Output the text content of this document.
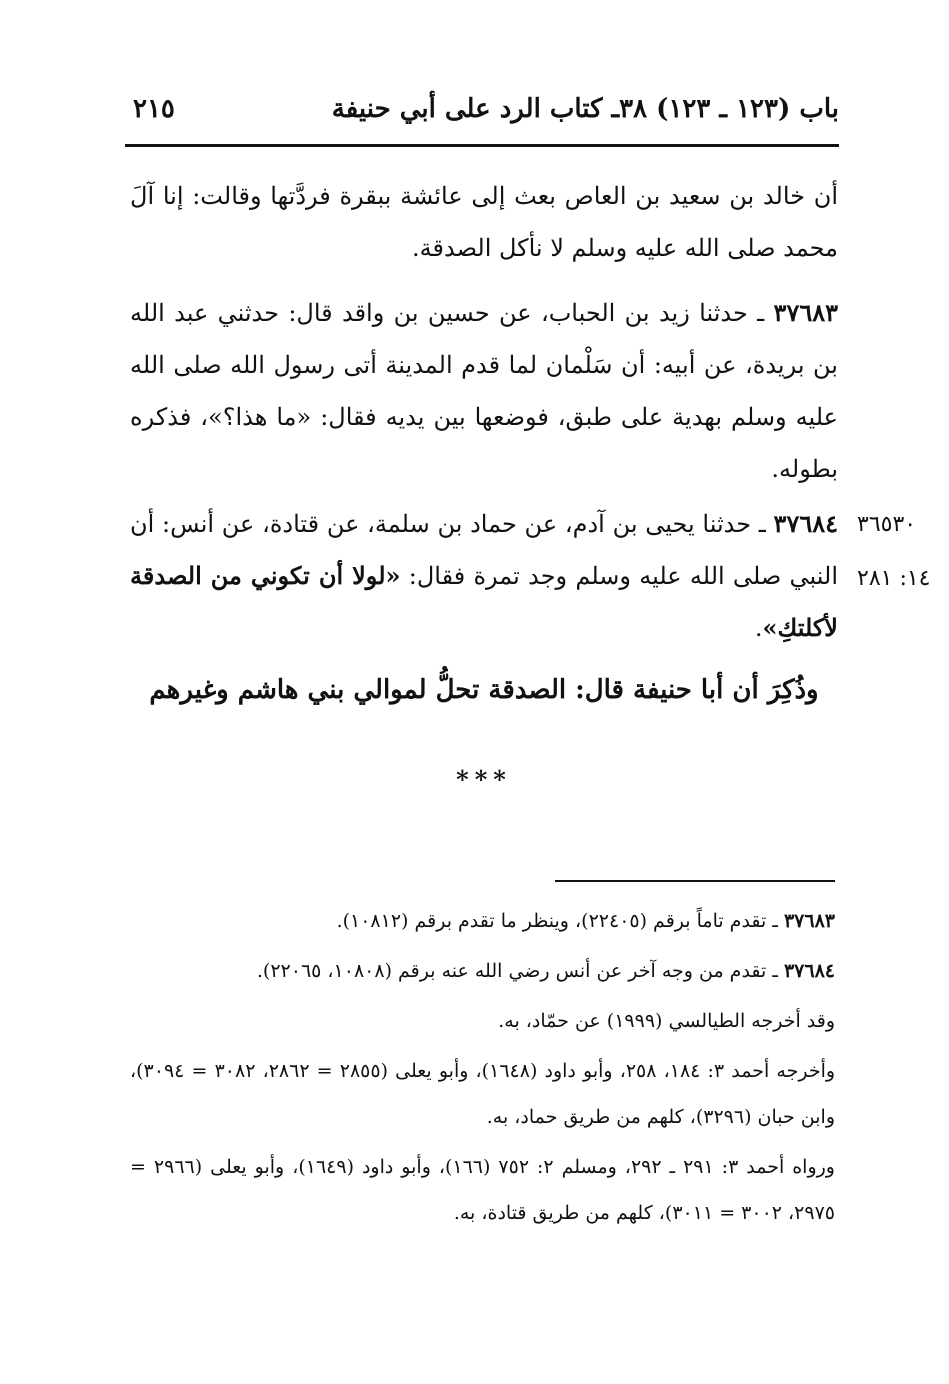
باب (١٢٣ ـ ١٢٣) ٣٨ـ كتاب الرد على أبي حنيفة
٢١٥

أن خالد بن سعيد بن العاص بعث إلى عائشة ببقرة فردَّتها وقالت: إنا آلَ محمد صلى الله عليه وسلم لا نأكل الصدقة.

٣٧٦٨٣ ـ حدثنا زيد بن الحباب، عن حسين بن واقد قال: حدثني عبد الله بن بريدة، عن أبيه: أن سَلْمان لما قدم المدينة أتى رسول الله صلى الله عليه وسلم بهدية على طبق، فوضعها بين يديه فقال: «ما هذا؟»، فذكره بطوله.

٣٧٦٨٤ ـ حدثنا يحيى بن آدم، عن حماد بن سلمة، عن قتادة، عن أنس: أن النبي صلى الله عليه وسلم وجد تمرة فقال: «لولا أن تكوني من الصدقة لأكلتكِ».

٣٦٥٣٠
١٤: ٢٨١
وذُكِرَ أن أبا حنيفة قال: الصدقة تحلُّ لموالي بني هاشم وغيرهم
***

٣٧٦٨٣ ـ تقدم تاماً برقم (٢٢٤٠٥)، وينظر ما تقدم برقم (١٠٨١٢).

٣٧٦٨٤ ـ تقدم من وجه آخر عن أنس رضي الله عنه برقم (١٠٨٠٨، ٢٢٠٦٥).

وقد أخرجه الطيالسي (١٩٩٩) عن حمّاد، به.

وأخرجه أحمد ٣: ١٨٤، ٢٥٨، وأبو داود (١٦٤٨)، وأبو يعلى (٢٨٥٥ = ٢٨٦٢، ٣٠٨٢ = ٣٠٩٤)، وابن حبان (٣٢٩٦)، كلهم من طريق حماد، به.

ورواه أحمد ٣: ٢٩١ ـ ٢٩٢، ومسلم ٢: ٧٥٢ (١٦٦)، وأبو داود (١٦٤٩)، وأبو يعلى (٢٩٦٦ = ٢٩٧٥، ٣٠٠٢ = ٣٠١١)، كلهم من طريق قتادة، به.
